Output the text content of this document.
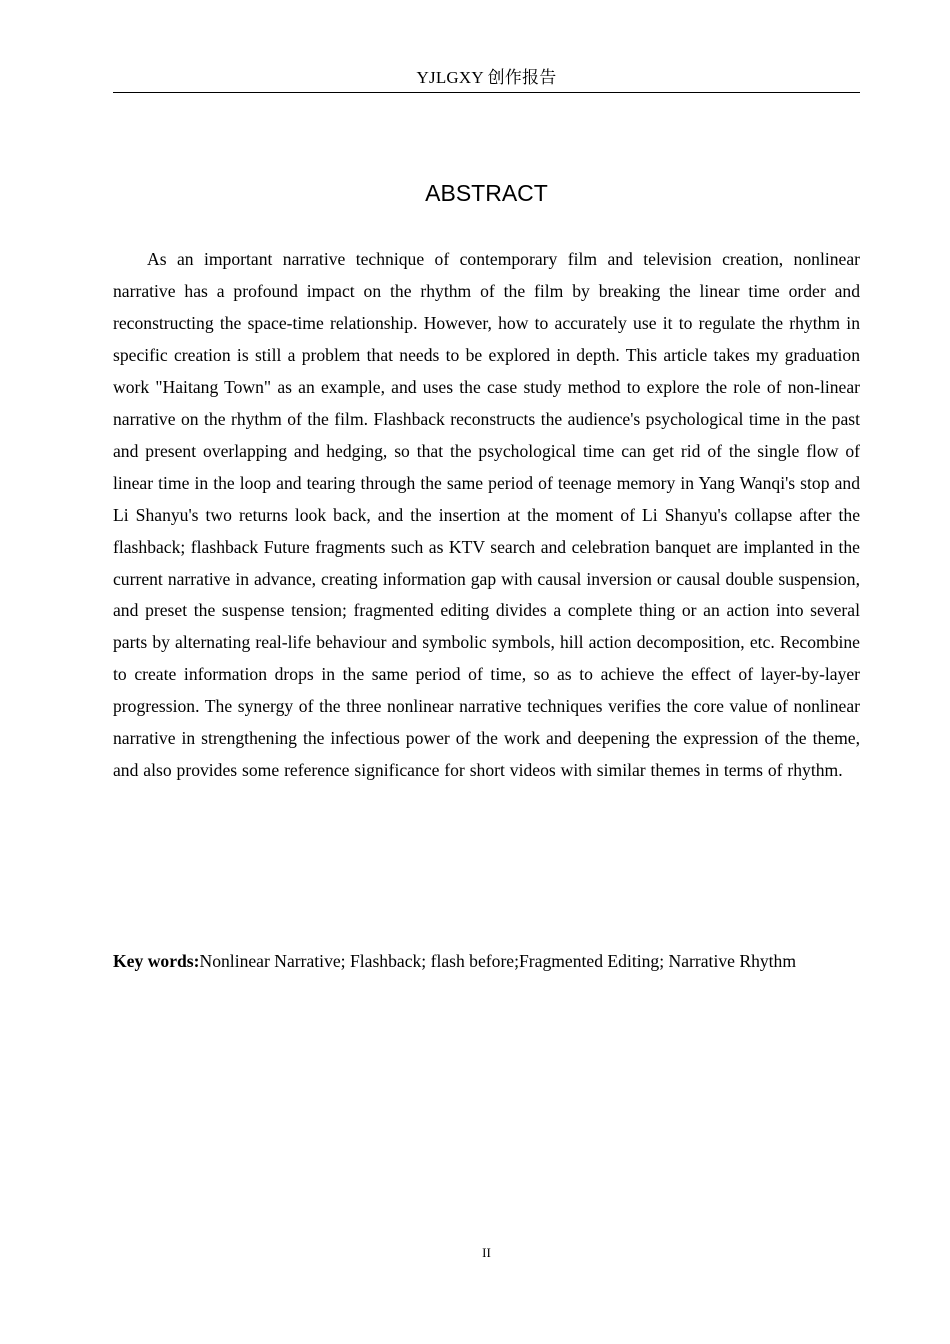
YJLGXY 创作报告
ABSTRACT

As an important narrative technique of contemporary film and television creation, nonlinear narrative has a profound impact on the rhythm of the film by breaking the linear time order and reconstructing the space-time relationship. However, how to accurately use it to regulate the rhythm in specific creation is still a problem that needs to be explored in depth. This article takes my graduation work "Haitang Town" as an example, and uses the case study method to explore the role of non-linear narrative on the rhythm of the film. Flashback reconstructs the audience's psychological time in the past and present overlapping and hedging, so that the psychological time can get rid of the single flow of linear time in the loop and tearing through the same period of teenage memory in Yang Wanqi's stop and Li Shanyu's two returns look back, and the insertion at the moment of Li Shanyu's collapse after the flashback; flashback Future fragments such as KTV search and celebration banquet are implanted in the current narrative in advance, creating information gap with causal inversion or causal double suspension, and preset the suspense tension; fragmented editing divides a complete thing or an action into several parts by alternating real-life behaviour and symbolic symbols, hill action decomposition, etc. Recombine to create information drops in the same period of time, so as to achieve the effect of layer-by-layer progression. The synergy of the three nonlinear narrative techniques verifies the core value of nonlinear narrative in strengthening the infectious power of the work and deepening the expression of the theme, and also provides some reference significance for short videos with similar themes in terms of rhythm.

Key words:Nonlinear Narrative; Flashback; flash before;Fragmented Editing; Narrative Rhythm

II
